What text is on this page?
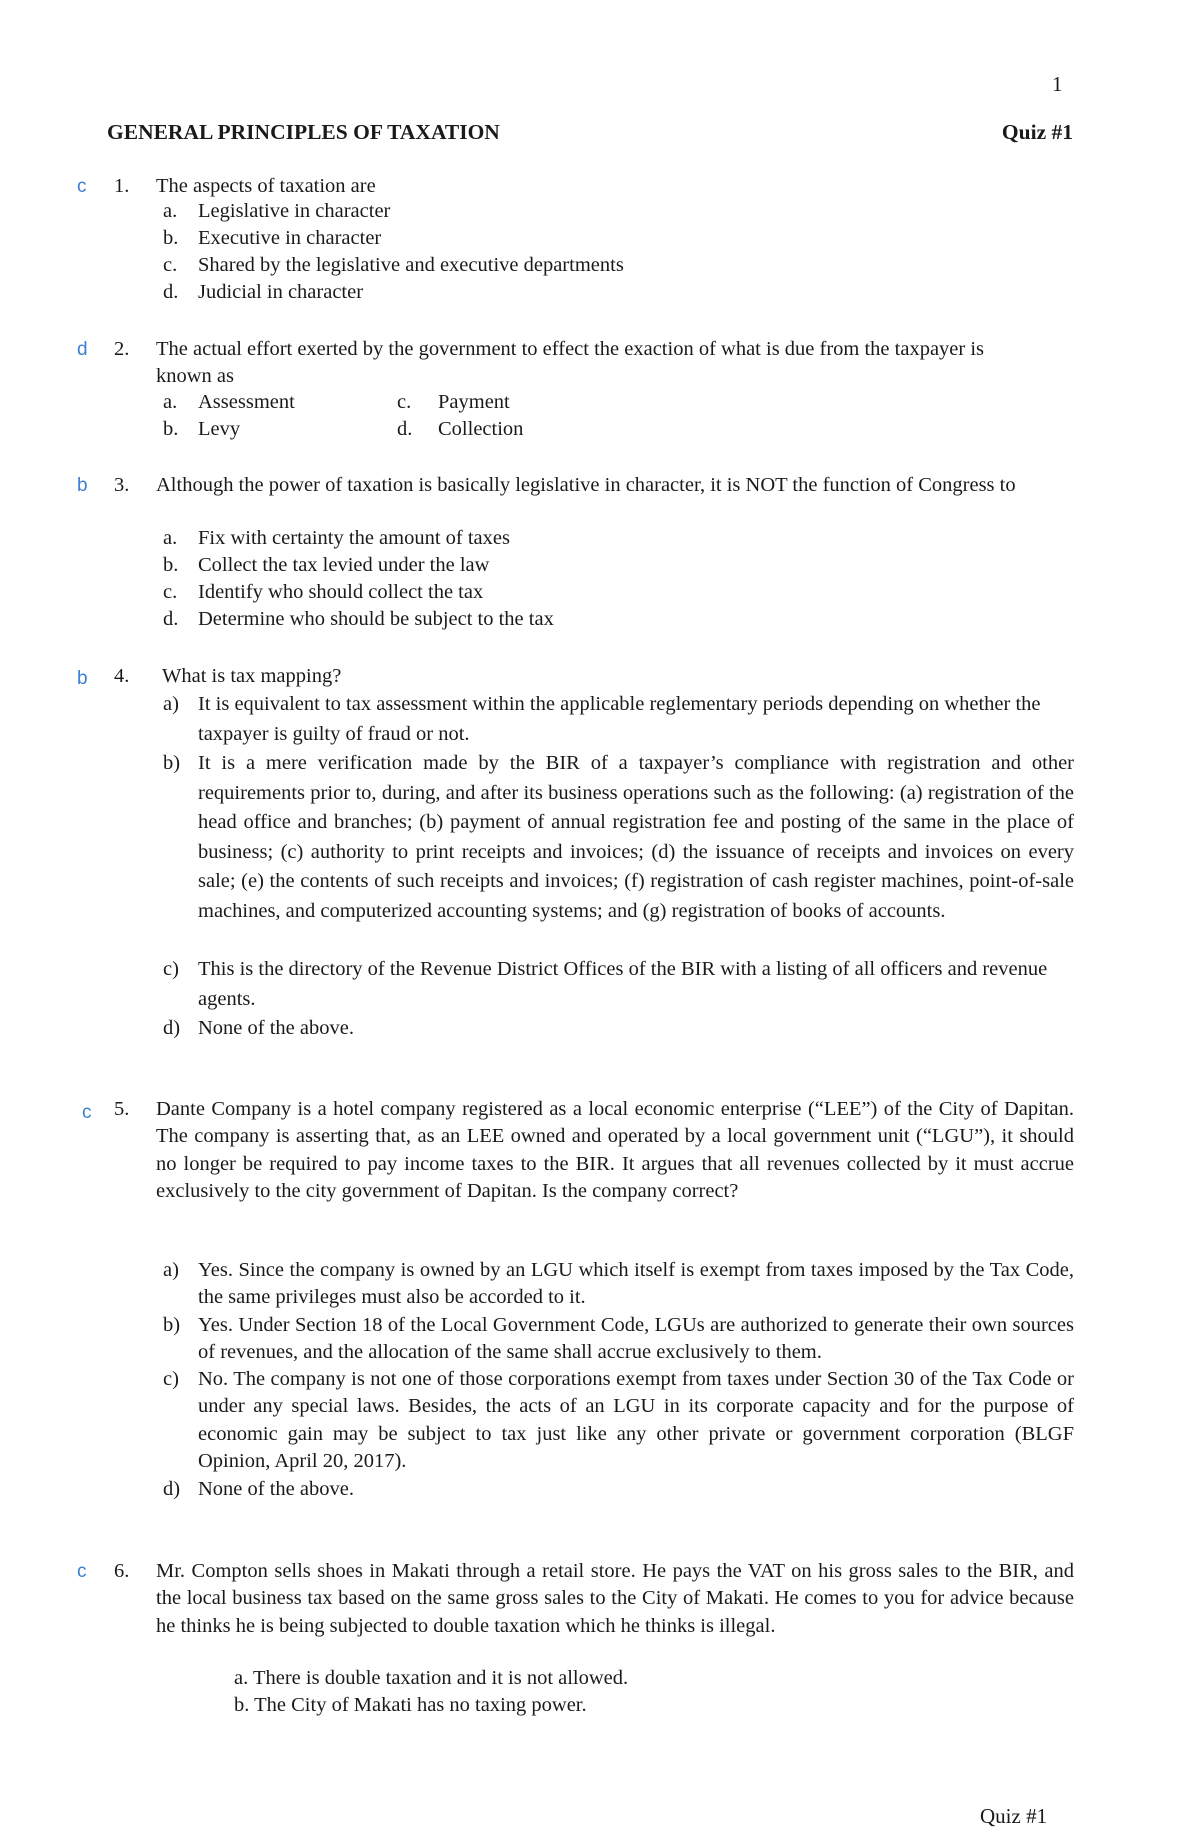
1
GENERAL PRINCIPLES OF TAXATION	Quiz #1
c 1. The aspects of taxation are
a. Legislative in character
b. Executive in character
c. Shared by the legislative and executive departments
d. Judicial in character
d 2. The actual effort exerted by the government to effect the exaction of what is due from the taxpayer is known as
a. Assessment	c. Payment
b. Levy	d. Collection
b 3. Although the power of taxation is basically legislative in character, it is NOT the function of Congress to
a. Fix with certainty the amount of taxes
b. Collect the tax levied under the law
c. Identify who should collect the tax
d. Determine who should be subject to the tax
b 4. What is tax mapping?
a) It is equivalent to tax assessment within the applicable reglementary periods depending on whether the taxpayer is guilty of fraud or not.
b) It is a mere verification made by the BIR of a taxpayer’s compliance with registration and other requirements prior to, during, and after its business operations such as the following: (a) registration of the head office and branches; (b) payment of annual registration fee and posting of the same in the place of business; (c) authority to print receipts and invoices; (d) the issuance of receipts and invoices on every sale; (e) the contents of such receipts and invoices; (f) registration of cash register machines, point-of-sale machines, and computerized accounting systems; and (g) registration of books of accounts.
c) This is the directory of the Revenue District Offices of the BIR with a listing of all officers and revenue agents.
d) None of the above.
c 5. Dante Company is a hotel company registered as a local economic enterprise (“LEE”) of the City of Dapitan. The company is asserting that, as an LEE owned and operated by a local government unit (“LGU”), it should no longer be required to pay income taxes to the BIR. It argues that all revenues collected by it must accrue exclusively to the city government of Dapitan. Is the company correct?
a) Yes. Since the company is owned by an LGU which itself is exempt from taxes imposed by the Tax Code, the same privileges must also be accorded to it.
b) Yes. Under Section 18 of the Local Government Code, LGUs are authorized to generate their own sources of revenues, and the allocation of the same shall accrue exclusively to them.
c) No. The company is not one of those corporations exempt from taxes under Section 30 of the Tax Code or under any special laws. Besides, the acts of an LGU in its corporate capacity and for the purpose of economic gain may be subject to tax just like any other private or government corporation (BLGF Opinion, April 20, 2017).
d) None of the above.
c 6. Mr. Compton sells shoes in Makati through a retail store. He pays the VAT on his gross sales to the BIR, and the local business tax based on the same gross sales to the City of Makati. He comes to you for advice because he thinks he is being subjected to double taxation which he thinks is illegal.
a. There is double taxation and it is not allowed.
b. The City of Makati has no taxing power.
Quiz #1
